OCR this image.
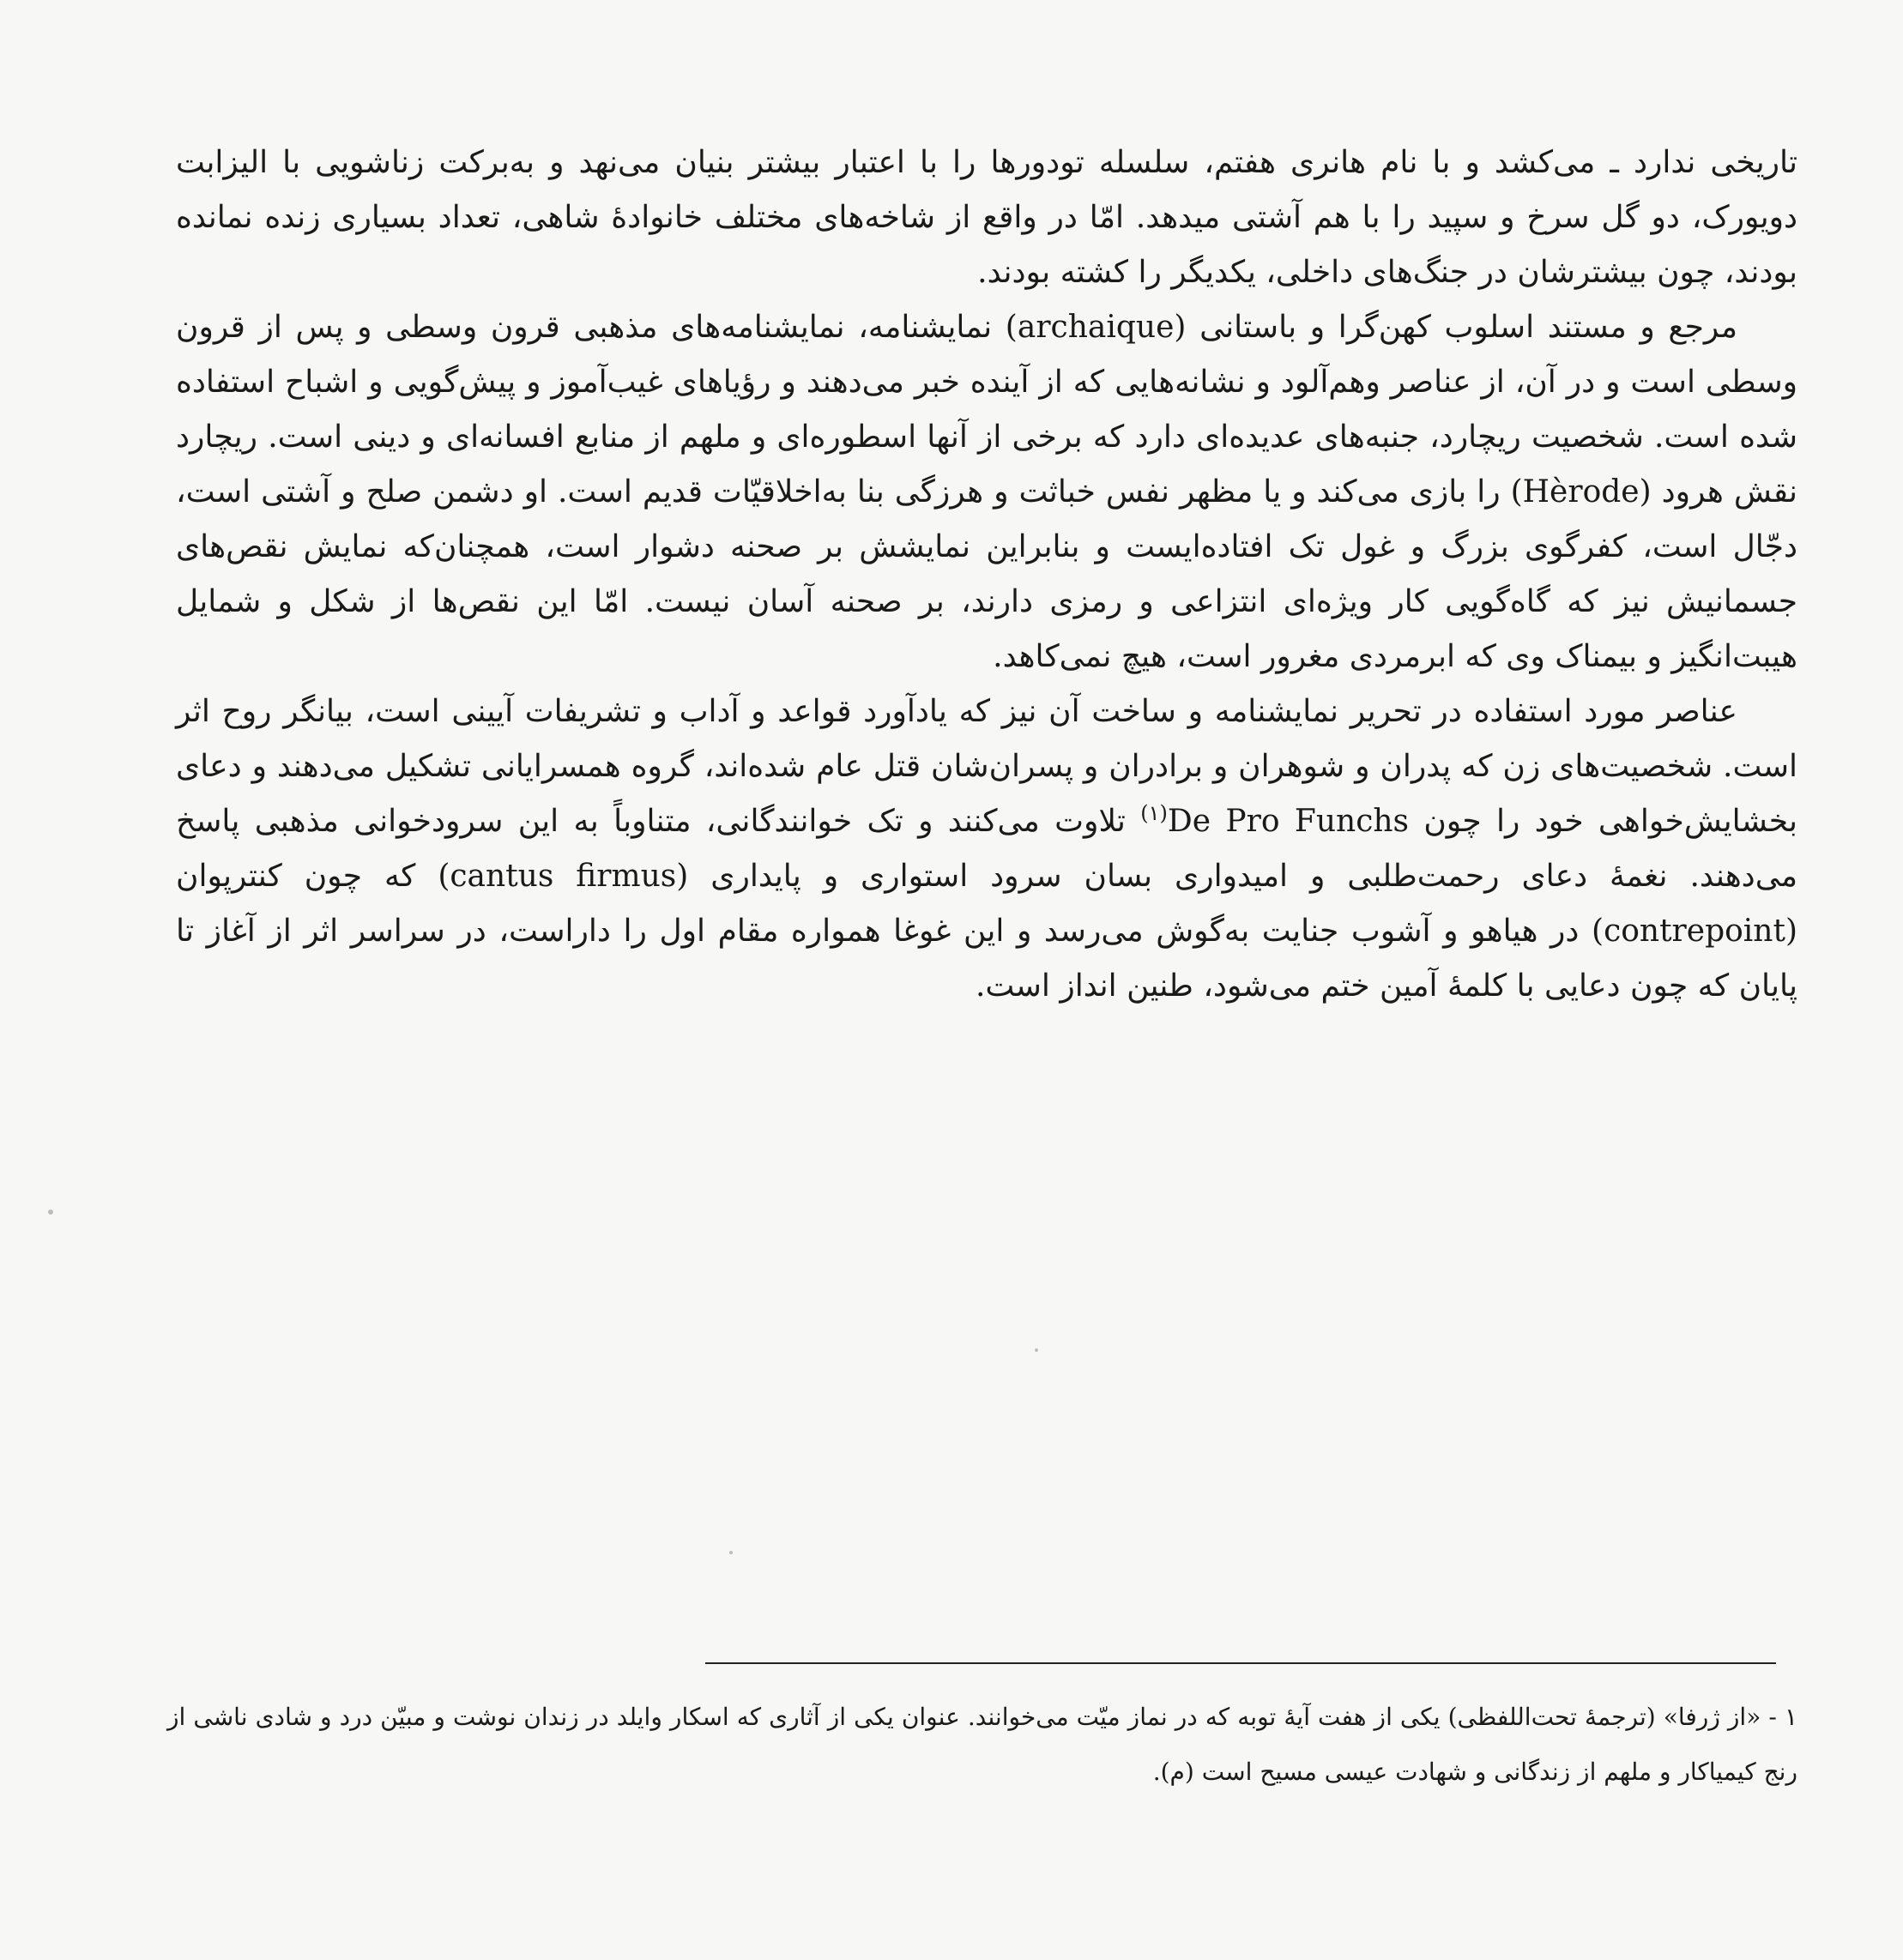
تاریخی ندارد ـ می‌کشد و با نام هانری هفتم، سلسله تودورها را با اعتبار بیشتر بنیان می‌نهد و به‌برکت زناشویی با الیزابت دویورک، دو گل سرخ و سپید را با هم آشتی میدهد. امّا در واقع از شاخه‌های مختلف خانوادهٔ شاهی، تعداد بسیاری زنده نمانده بودند، چون بیشترشان در جنگ‌های داخلی، یکدیگر را کشته بودند.

مرجع و مستند اسلوب کهن‌گرا و باستانی (archaique) نمایشنامه، نمایشنامه‌های مذهبی قرون وسطی و پس از قرون وسطی است و در آن، از عناصر وهم‌آلود و نشانه‌هایی که از آینده خبر می‌دهند و رؤیاهای غیب‌آموز و پیش‌گویی و اشباح استفاده شده است. شخصیت ریچارد، جنبه‌های عدیده‌ای دارد که برخی از آنها اسطوره‌ای و ملهم از منابع افسانه‌ای و دینی است. ریچارد نقش هرود (Hèrode) را بازی می‌کند و یا مظهر نفس خباثت و هرزگی بنا به‌اخلاقیّات قدیم است. او دشمن صلح و آشتی است، دجّال است، کفرگوی بزرگ و غول تک افتاده‌ایست و بنابراین نمایشش بر صحنه دشوار است، همچنان‌که نمایش نقص‌های جسمانیش نیز که گاه‌گویی کار ویژه‌ای انتزاعی و رمزی دارند، بر صحنه آسان نیست. امّا این نقص‌ها از شکل و شمایل هیبت‌انگیز و بیمناک وی که ابرمردی مغرور است، هیچ نمی‌کاهد.

عناصر مورد استفاده در تحریر نمایشنامه و ساخت آن نیز که یادآورد قواعد و آداب و تشریفات آیینی است، بیانگر روح اثر است. شخصیت‌های زن که پدران و شوهران و برادران و پسران‌شان قتل عام شده‌اند، گروه همسرایانی تشکیل می‌دهند و دعای بخشایش‌خواهی خود را چون De Pro Funchs$^{(۱)}$ تلاوت می‌کنند و تک خوانندگانی، متناوباً به این سرودخوانی مذهبی پاسخ می‌دهند. نغمهٔ دعای رحمت‌طلبی و امیدواری بسان سرود استواری و پایداری (cantus firmus) که چون کنترپوان (contrepoint) در هیاهو و آشوب جنایت به‌گوش می‌رسد و این غوغا همواره مقام اول را داراست، در سراسر اثر از آغاز تا پایان که چون دعایی با کلمهٔ آمین ختم می‌شود، طنین انداز است.

۱ - «از ژرفا» (ترجمهٔ تحت‌اللفظی) یکی از هفت آیهٔ توبه که در نماز میّت می‌خوانند. عنوان یکی از آثاری که اسکار وایلد در زندان نوشت و مبیّن درد و شادی ناشی از رنج کیمیاکار و ملهم از زندگانی و شهادت عیسی مسیح است (م).
